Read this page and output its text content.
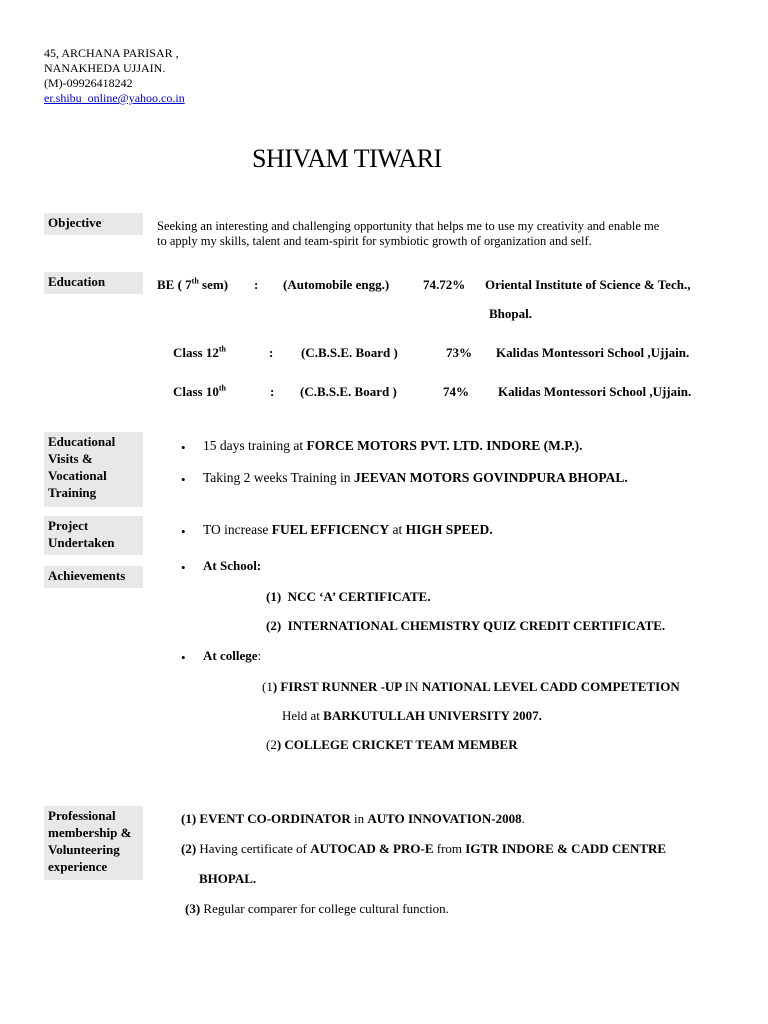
45, ARCHANA PARISAR ,
NANAKHEDA UJJAIN.
(M)-09926418242
er.shibu_online@yahoo.co.in
SHIVAM TIWARI
Objective	Seeking an interesting and challenging opportunity that helps me to use my creativity and enable me
to apply my skills, talent and team-spirit for symbiotic growth of organization and self.
Education	BE ( 7th sem) : (Automobile engg.)	74.72% Oriental Institute of Science & Tech.,
Bhopal.
Class 12th	: (C.B.S.E. Board )	73% Kalidas Montessori School ,Ujjain.
Class 10th	: (C.B.S.E. Board )	74% Kalidas Montessori School ,Ujjain.
Educational Visits & Vocational Training
• 15 days training at FORCE MOTORS PVT. LTD. INDORE (M.P.).
• Taking 2 weeks Training in JEEVAN MOTORS GOVINDPURA BHOPAL.
Project Undertaken
• TO increase FUEL EFFICENCY at HIGH SPEED.
Achievements
• At School:
(1) NCC ‘A’ CERTIFICATE.
(2) INTERNATIONAL CHEMISTRY QUIZ CREDIT CERTIFICATE.
• At college:
(1) FIRST RUNNER -UP IN NATIONAL LEVEL CADD COMPETETION
Held at BARKUTULLAH UNIVERSITY 2007.
(2) COLLEGE CRICKET TEAM MEMBER
Professional membership & Volunteering experience
(1) EVENT CO-ORDINATOR in AUTO INNOVATION-2008.
(2) Having certificate of AUTOCAD & PRO-E from IGTR INDORE & CADD CENTRE
BHOPAL.
(3) Regular comparer for college cultural function.
